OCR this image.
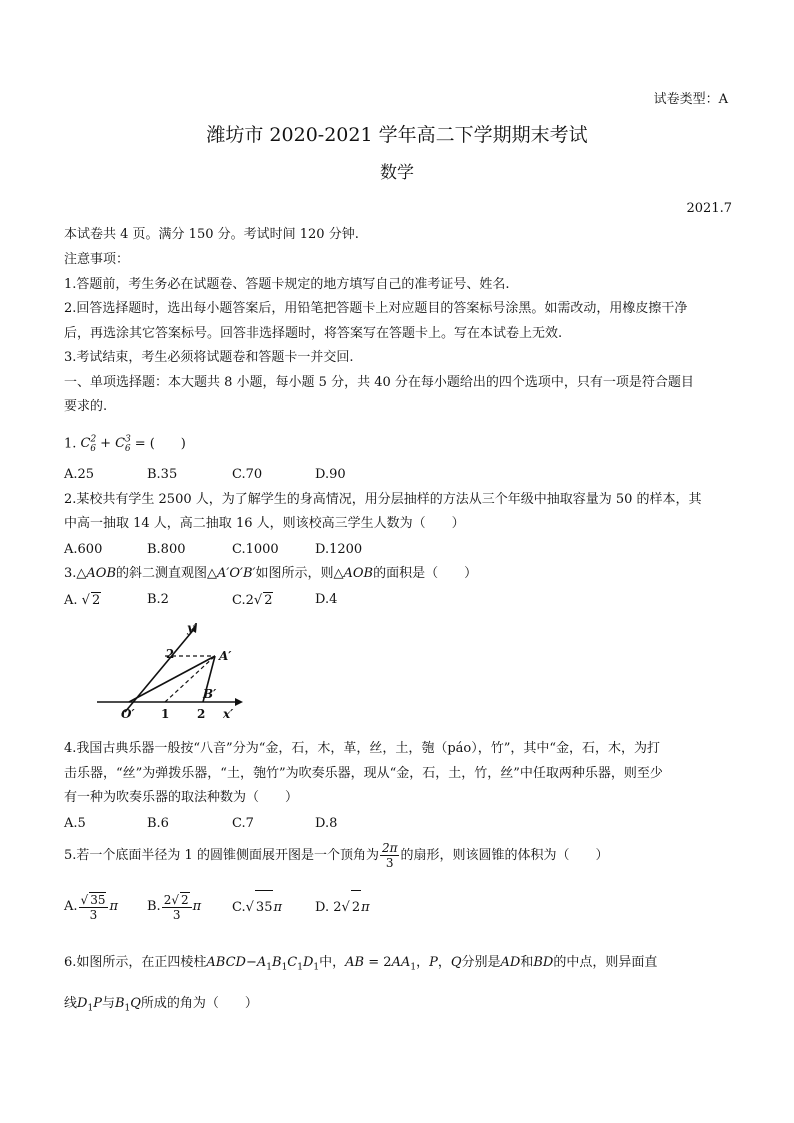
试卷类型：A
潍坊市 2020-2021 学年高二下学期期末考试
数学
2021.7
本试卷共 4 页。满分 150 分。考试时间 120 分钟.
注意事项：
1.答题前，考生务必在试题卷、答题卡规定的地方填写自己的准考证号、姓名.
2.回答选择题时，选出每小题答案后，用铅笔把答题卡上对应题目的答案标号涂黑。如需改动，用橡皮擦干净
后，再选涂其它答案标号。回答非选择题时，将答案写在答题卡上。写在本试卷上无效.
3.考试结束，考生必须将试题卷和答题卡一并交回.
一、单项选择题：本大题共 8 小题，每小题 5 分，共 40 分在每小题给出的四个选项中，只有一项是符合题目
要求的.
1. $C^2_6 + C^3_6$ = (　　)
A.25	B.35	C.70	D.90
2.某校共有学生 2500 人，为了解学生的身高情况，用分层抽样的方法从三个年级中抽取容量为 50 的样本，其
中高一抽取 14 人，高二抽取 16 人，则该校高三学生人数为（　　）
A.600	B.800	C.1000	D.1200
3.△AOB的斜二测直观图△A′O′B′如图所示，则△AOB的面积是（　　）
A. √ 2	B.2	C.2√ 2	D.4
y′
x′
O′
A′
B′
2
1 2
4.我国古典乐器一般按“八音”分为“金，石，木，革，丝，土，匏（páo），竹”，其中“金，石，木，为打
击乐器，“丝”为弹拨乐器，“土，匏竹”为吹奏乐器，现从“金，石，土，竹，丝”中任取两种乐器，则至少
有一种为吹奏乐器的取法种数为（　　）
A.5	B.6	C.7	D.8
5.若一个底面半径为 1 的圆锥侧面展开图是一个顶角为 $\frac{2\pi}{3}$ 的扇形，则该圆锥的体积为（　　）
A. $\frac{√ 35}{3}$ π B. $\frac{2√ 2}{3}$ π C.√ 35π	D. 2√ 2π
6.如图所示，在正四棱柱$ABCD-A_1B_1C_1D_1$中，AB = $2AA_1$，P，Q分别是AD和BD的中点，则异面直
线$D_1P$与$B_1Q$所成的角为（　　）
